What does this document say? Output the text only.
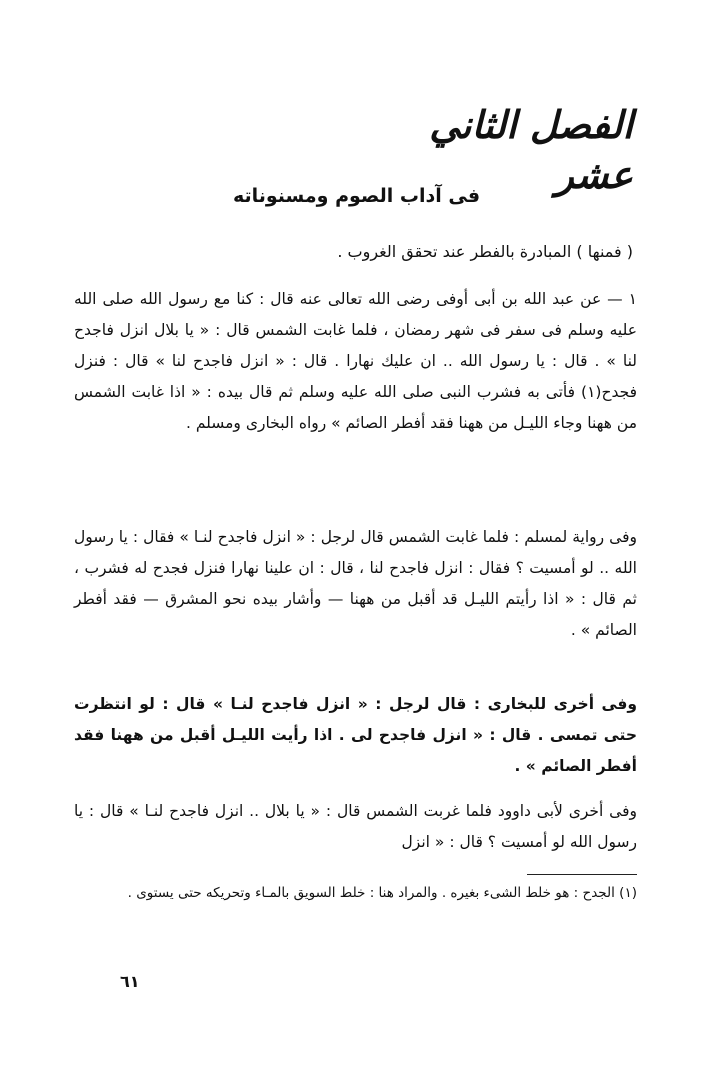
الفصل الثاني عشر
فى آداب الصوم ومسنوناته
( فمنها ) المبادرة بالفطر عند تحقق الغروب .
١ — عن عبد الله بن أبى أوفى رضى الله تعالى عنه قال : كنا مع رسول الله صلى الله عليه وسلم فى سفر فى شهر رمضان ، فلما غابت الشمس قال : « يا بلال انزل فاجدح لنا » . قال : يا رسول الله .. ان عليك نهارا . قال : « انزل فاجدح لنا » قال : فنزل فجدح(١) فأتى به فشرب النبى صلى الله عليه وسلم ثم قال بيده : « اذا غابت الشمس من ههنا وجاء الليـل من ههنا فقد أفطر الصائم » رواه البخارى ومسلم .
وفى رواية لمسلم : فلما غابت الشمس قال لرجل : « انزل فاجدح لنـا » فقال : يا رسول الله .. لو أمسيت ؟ فقال : انزل فاجدح لنا ، قال : ان علينا نهارا فنزل فجدح له فشرب ، ثم قال : « اذا رأيتم الليـل قد أقبل من ههنا — وأشار بيده نحو المشرق — فقد أفطر الصائم » .
وفى أخرى للبخارى : قال لرجل : « انزل فاجدح لنـا » قال : لو انتظرت حتى تمسى . قال : « انزل فاجدح لى . اذا رأيت الليـل أقبل من ههنا فقد أفطر الصائم » .
وفى أخرى لأبى داوود فلما غربت الشمس قال : « يا بلال .. انزل فاجدح لنـا » قال : يا رسول الله لو أمسيت ؟ قال : « انزل
(١) الجدح : هو خلط الشىء بغيره . والمراد هنا : خلط السويق بالمـاء وتحريكه حتى يستوى .
٦١
